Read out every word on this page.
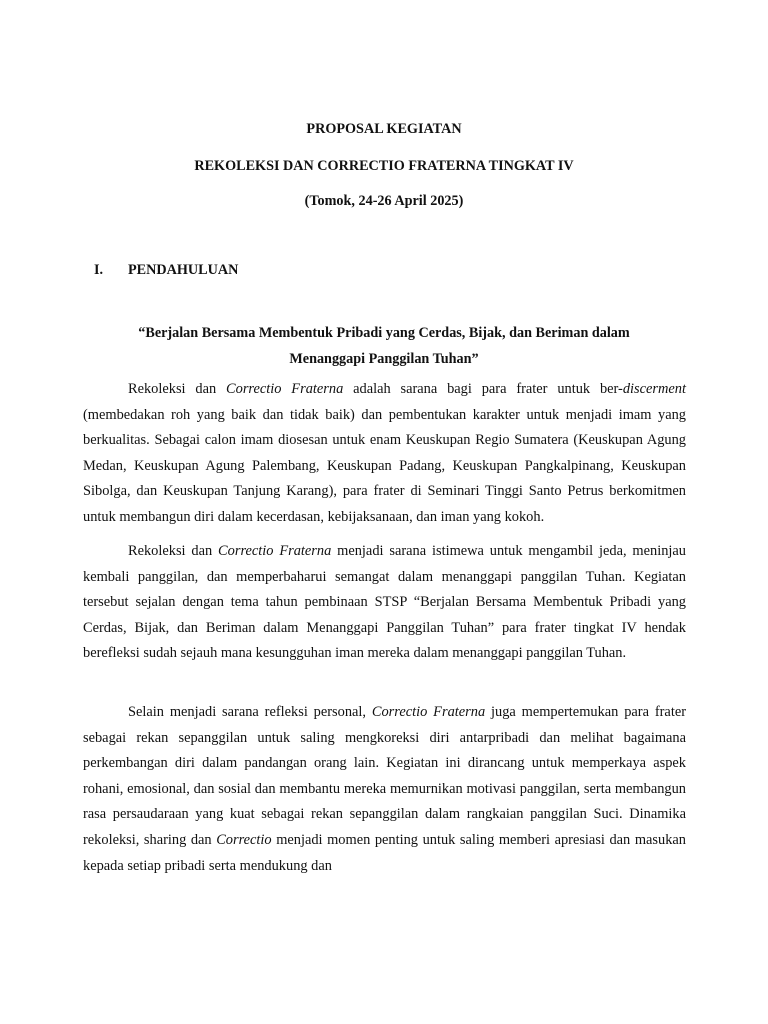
PROPOSAL KEGIATAN
REKOLEKSI DAN CORRECTIO FRATERNA TINGKAT IV
(Tomok, 24-26 April 2025)
I. PENDAHULUAN
“Berjalan Bersama Membentuk Pribadi yang Cerdas, Bijak, dan Beriman dalam
Menanggapi Panggilan Tuhan”

Rekoleksi dan Correctio Fraterna adalah sarana bagi para frater untuk ber-discerment (membedakan roh yang baik dan tidak baik) dan pembentukan karakter untuk menjadi imam yang berkualitas. Sebagai calon imam diosesan untuk enam Keuskupan Regio Sumatera (Keuskupan Agung Medan, Keuskupan Agung Palembang, Keuskupan Padang, Keuskupan Pangkalpinang, Keuskupan Sibolga, dan Keuskupan Tanjung Karang), para frater di Seminari Tinggi Santo Petrus berkomitmen untuk membangun diri dalam kecerdasan, kebijaksanaan, dan iman yang kokoh.

Rekoleksi dan Correctio Fraterna menjadi sarana istimewa untuk mengambil jeda, meninjau kembali panggilan, dan memperbaharui semangat dalam menanggapi panggilan Tuhan. Kegiatan tersebut sejalan dengan tema tahun pembinaan STSP “Berjalan Bersama Membentuk Pribadi yang Cerdas, Bijak, dan Beriman dalam Menanggapi Panggilan Tuhan” para frater tingkat IV hendak berefleksi sudah sejauh mana kesungguhan iman mereka dalam menanggapi panggilan Tuhan.

Selain menjadi sarana refleksi personal, Correctio Fraterna juga mempertemukan para frater sebagai rekan sepanggilan untuk saling mengkoreksi diri antarpribadi dan melihat bagaimana perkembangan diri dalam pandangan orang lain. Kegiatan ini dirancang untuk memperkaya aspek rohani, emosional, dan sosial dan membantu mereka memurnikan motivasi panggilan, serta membangun rasa persaudaraan yang kuat sebagai rekan sepanggilan dalam rangkaian panggilan Suci. Dinamika rekoleksi, sharing dan Correctio menjadi momen penting untuk saling memberi apresiasi dan masukan kepada setiap pribadi serta mendukung dan
